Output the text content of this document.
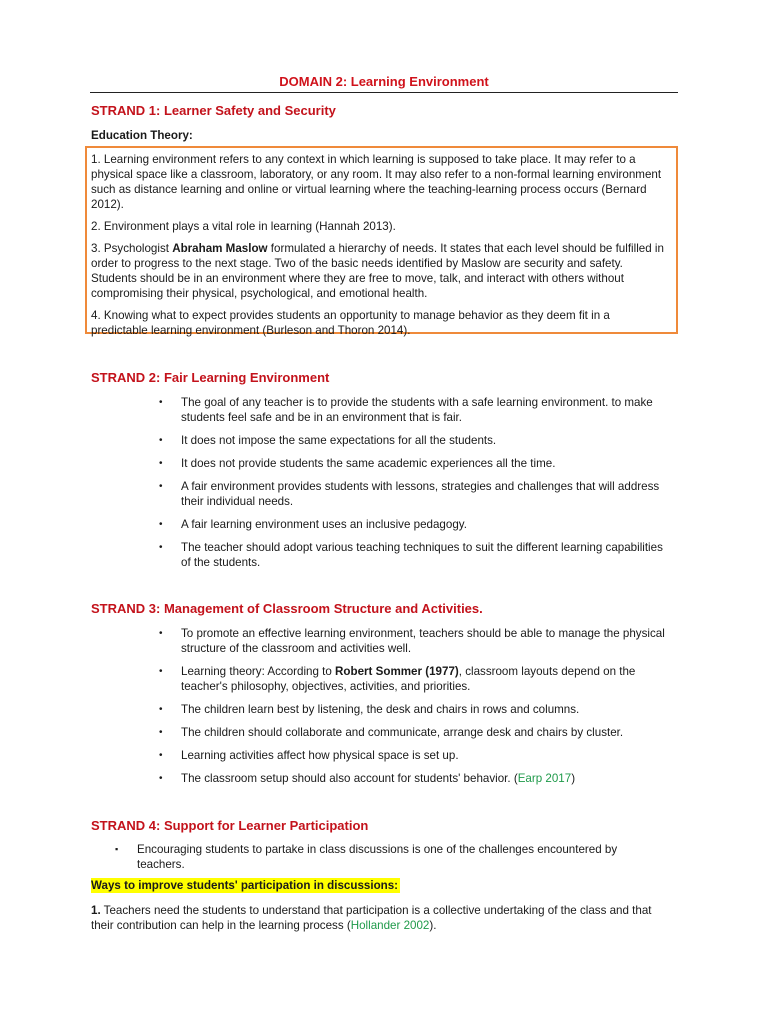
DOMAIN 2: Learning Environment
STRAND 1: Learner Safety and Security
Education Theory:

1. Learning environment refers to any context in which learning is supposed to take place. It may refer to a physical space like a classroom, laboratory, or any room. It may also refer to a non-formal learning environment such as distance learning and online or virtual learning where the teaching-learning process occurs (Bernard 2012).

2. Environment plays a vital role in learning (Hannah 2013).

3. Psychologist Abraham Maslow formulated a hierarchy of needs. It states that each level should be fulfilled in order to progress to the next stage. Two of the basic needs identified by Maslow are security and safety. Students should be in an environment where they are free to move, talk, and interact with others without compromising their physical, psychological, and emotional health.

4. Knowing what to expect provides students an opportunity to manage behavior as they deem fit in a predictable learning environment (Burleson and Thoron 2014).

STRAND 2: Fair Learning Environment
• The goal of any teacher is to provide the students with a safe learning environment. to make students feel safe and be in an environment that is fair.
• It does not impose the same expectations for all the students.
• It does not provide students the same academic experiences all the time.
• A fair environment provides students with lessons, strategies and challenges that will address their individual needs.
• A fair learning environment uses an inclusive pedagogy.
• The teacher should adopt various teaching techniques to suit the different learning capabilities of the students.
STRAND 3: Management of Classroom Structure and Activities.
• To promote an effective learning environment, teachers should be able to manage the physical structure of the classroom and activities well.
• Learning theory: According to Robert Sommer (1977), classroom layouts depend on the teacher's philosophy, objectives, activities, and priorities.
• The children learn best by listening, the desk and chairs in rows and columns.
• The children should collaborate and communicate, arrange desk and chairs by cluster.
• Learning activities affect how physical space is set up.
• The classroom setup should also account for students' behavior. (Earp 2017)
STRAND 4: Support for Learner Participation
▪ Encouraging students to partake in class discussions is one of the challenges encountered by teachers.
Ways to improve students' participation in discussions:

1. Teachers need the students to understand that participation is a collective undertaking of the class and that their contribution can help in the learning process (Hollander 2002).
